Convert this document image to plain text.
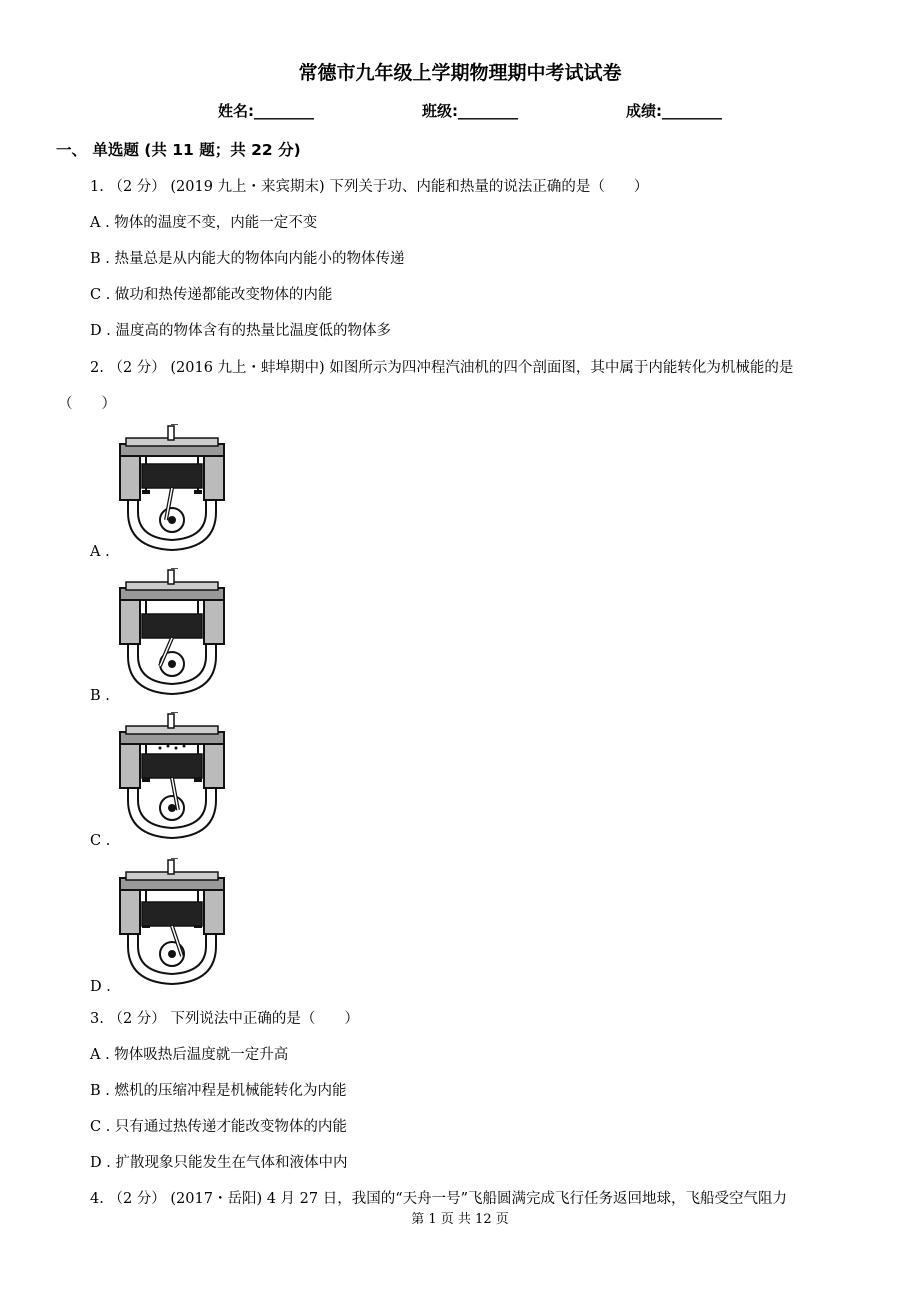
常德市九年级上学期物理期中考试试卷
姓名:________	班级:________	成绩:________
一、 单选题 (共 11 题；共 22 分)
1. （2 分） (2019 九上・来宾期末) 下列关于功、内能和热量的说法正确的是（　　）
A . 物体的温度不变，内能一定不变
B . 热量总是从内能大的物体向内能小的物体传递
C . 做功和热传递都能改变物体的内能
D . 温度高的物体含有的热量比温度低的物体多
2. （2 分） (2016 九上・蚌埠期中) 如图所示为四冲程汽油机的四个剖面图，其中属于内能转化为机械能的是
（　　）
A .
B .
C .
D .
3. （2 分） 下列说法中正确的是（　　）
A . 物体吸热后温度就一定升高
B . 燃机的压缩冲程是机械能转化为内能
C . 只有通过热传递才能改变物体的内能
D . 扩散现象只能发生在气体和液体中内
4. （2 分） (2017・岳阳) 4 月 27 日，我国的“天舟一号”飞船圆满完成飞行任务返回地球，飞船受空气阻力
第 1 页 共 12 页
